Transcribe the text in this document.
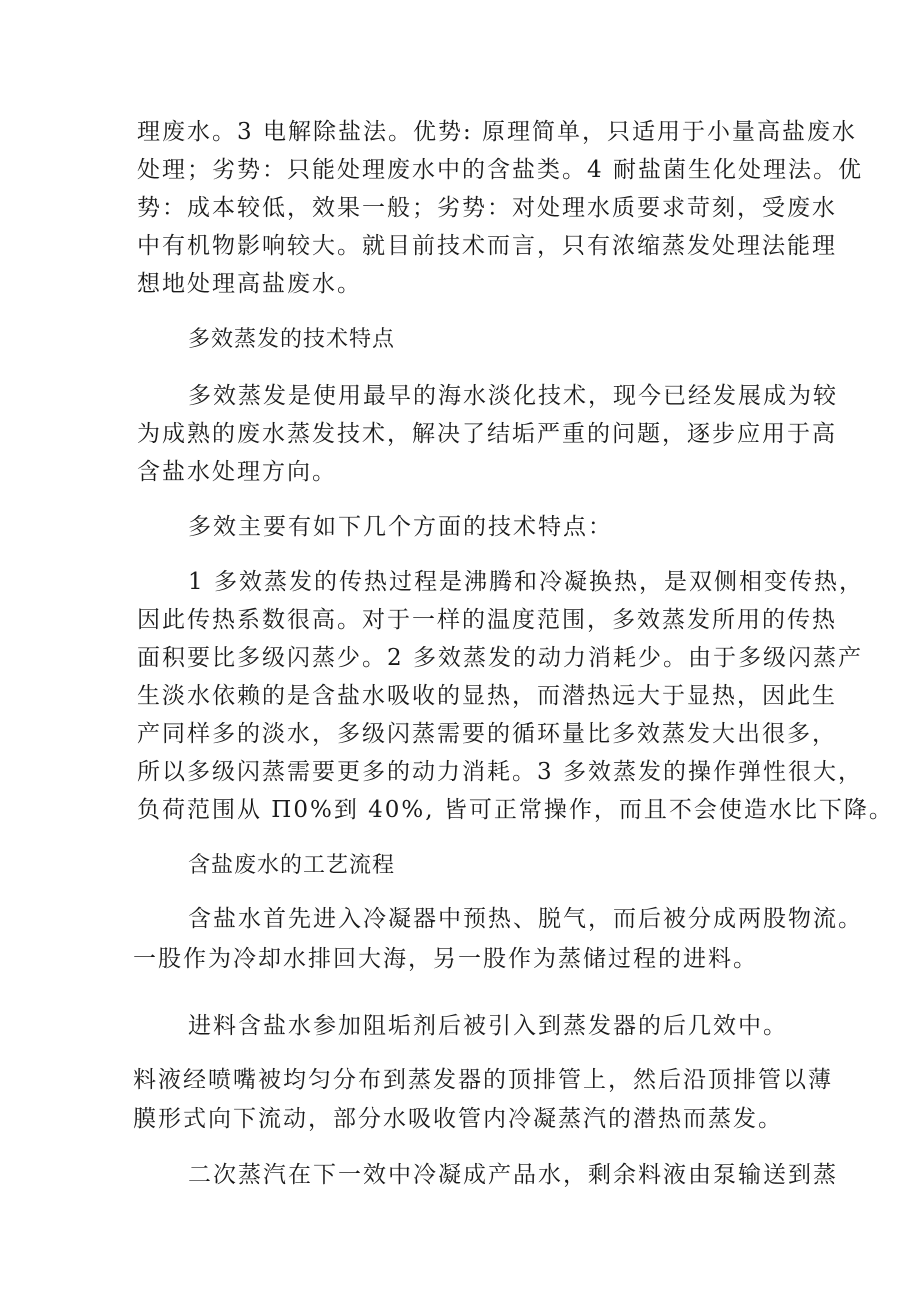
理废水。3 电解除盐法。优势: 原理简单，只适用于小量高盐废水
处理；劣势：只能处理废水中的含盐类。4 耐盐菌生化处理法。优
势：成本较低，效果一般；劣势：对处理水质要求苛刻，受废水
中有机物影响较大。就目前技术而言，只有浓缩蒸发处理法能理
想地处理高盐废水。
多效蒸发的技术特点
多效蒸发是使用最早的海水淡化技术，现今已经发展成为较
为成熟的废水蒸发技术，解决了结垢严重的问题，逐步应用于高
含盐水处理方向。
多效主要有如下几个方面的技术特点：
1 多效蒸发的传热过程是沸腾和冷凝换热，是双侧相变传热，
因此传热系数很高。对于一样的温度范围，多效蒸发所用的传热
面积要比多级闪蒸少。2 多效蒸发的动力消耗少。由于多级闪蒸产
生淡水依赖的是含盐水吸收的显热，而潜热远大于显热，因此生
产同样多的淡水，多级闪蒸需要的循环量比多效蒸发大出很多，
所以多级闪蒸需要更多的动力消耗。3 多效蒸发的操作弹性很大，
负荷范围从 Π0%到 40%, 皆可正常操作，而且不会使造水比下降。
含盐废水的工艺流程
含盐水首先进入冷凝器中预热、脱气，而后被分成两股物流。
一股作为冷却水排回大海，另一股作为蒸储过程的进料。
进料含盐水参加阻垢剂后被引入到蒸发器的后几效中。
料液经喷嘴被均匀分布到蒸发器的顶排管上，然后沿顶排管以薄
膜形式向下流动，部分水吸收管内冷凝蒸汽的潜热而蒸发。
二次蒸汽在下一效中冷凝成产品水，剩余料液由泵输送到蒸
